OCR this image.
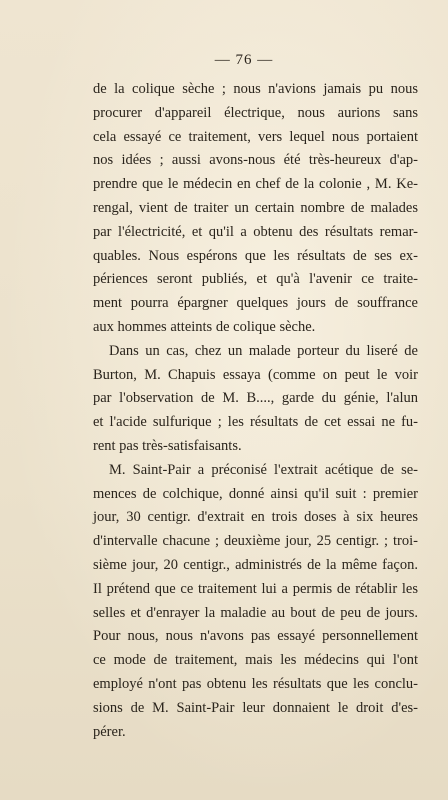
— 76 —
de la colique sèche ; nous n'avions jamais pu nous
procurer d'appareil électrique, nous aurions sans
cela essayé ce traitement, vers lequel nous portaient
nos idées ; aussi avons-nous été très-heureux d'ap-
prendre que le médecin en chef de la colonie , M. Ke-
rengal, vient de traiter un certain nombre de malades
par l'électricité, et qu'il a obtenu des résultats remar-
quables. Nous espérons que les résultats de ses ex-
périences seront publiés, et qu'à l'avenir ce traite-
ment pourra épargner quelques jours de souffrance
aux hommes atteints de colique sèche.
Dans un cas, chez un malade porteur du liseré de
Burton, M. Chapuis essaya (comme on peut le voir
par l'observation de M. B...., garde du génie, l'alun
et l'acide sulfurique ; les résultats de cet essai ne fu-
rent pas très-satisfaisants.
M. Saint-Pair a préconisé l'extrait acétique de se-
mences de colchique, donné ainsi qu'il suit : premier
jour, 30 centigr. d'extrait en trois doses à six heures
d'intervalle chacune ; deuxième jour, 25 centigr. ; troi-
sième jour, 20 centigr., administrés de la même façon.
Il prétend que ce traitement lui a permis de rétablir les
selles et d'enrayer la maladie au bout de peu de jours.
Pour nous, nous n'avons pas essayé personnellement
ce mode de traitement, mais les médecins qui l'ont
employé n'ont pas obtenu les résultats que les conclu-
sions de M. Saint-Pair leur donnaient le droit d'es-
pérer.
